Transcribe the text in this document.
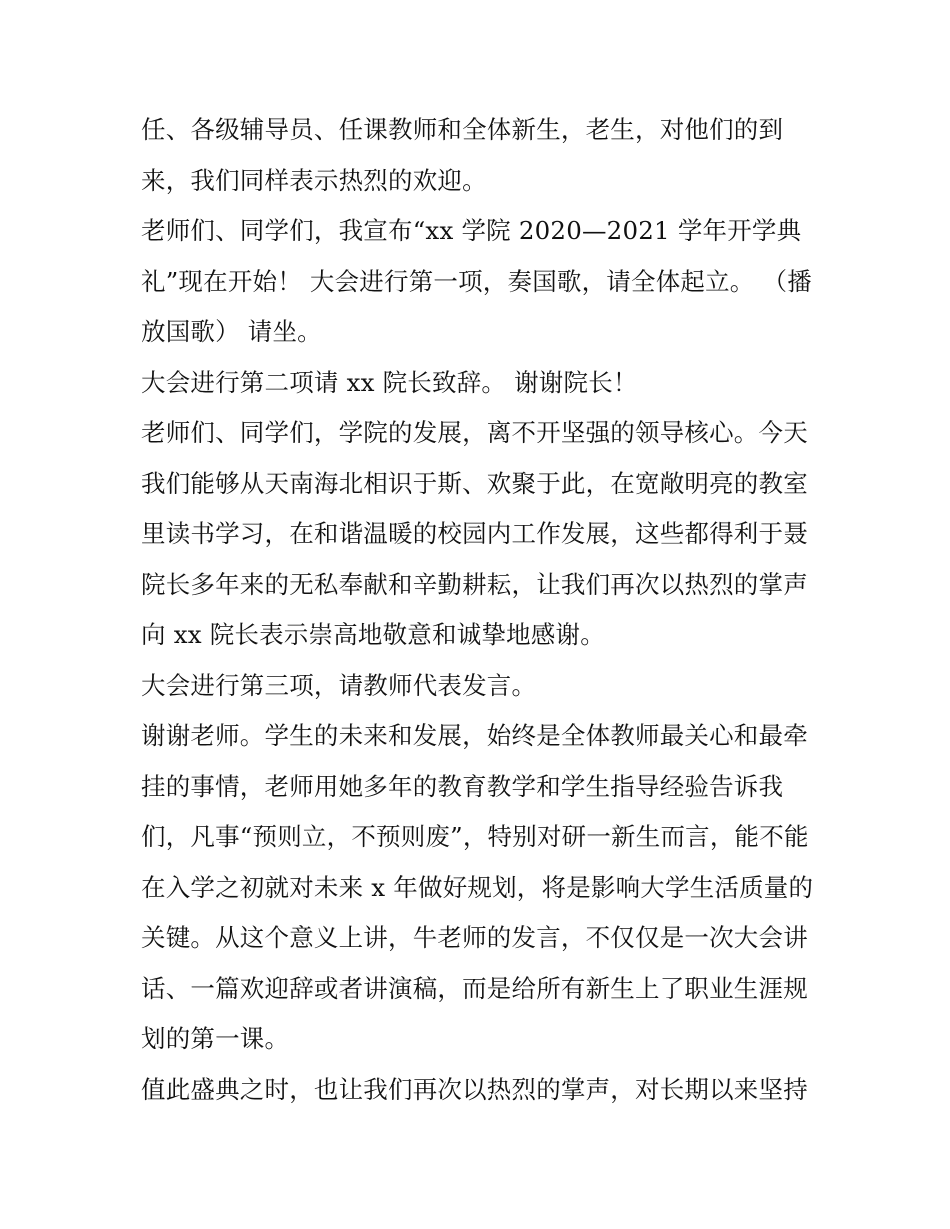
任、各级辅导员、任课教师和全体新生，老生，对他们的到
来，我们同样表示热烈的欢迎。
老师们、同学们，我宣布“xx 学院 2020—2021 学年开学典
礼”现在开始！ 大会进行第一项，奏国歌，请全体起立。 （播
放国歌） 请坐。
大会进行第二项请 xx 院长致辞。 谢谢院长！
老师们、同学们，学院的发展，离不开坚强的领导核心。今天
我们能够从天南海北相识于斯、欢聚于此，在宽敞明亮的教室
里读书学习，在和谐温暖的校园内工作发展，这些都得利于聂
院长多年来的无私奉献和辛勤耕耘，让我们再次以热烈的掌声
向 xx 院长表示崇高地敬意和诚挚地感谢。
大会进行第三项，请教师代表发言。
谢谢老师。学生的未来和发展，始终是全体教师最关心和最牵
挂的事情，老师用她多年的教育教学和学生指导经验告诉我
们，凡事“预则立，不预则废”，特别对研一新生而言，能不能
在入学之初就对未来 x 年做好规划，将是影响大学生活质量的
关键。从这个意义上讲，牛老师的发言，不仅仅是一次大会讲
话、一篇欢迎辞或者讲演稿，而是给所有新生上了职业生涯规
划的第一课。
值此盛典之时，也让我们再次以热烈的掌声，对长期以来坚持
